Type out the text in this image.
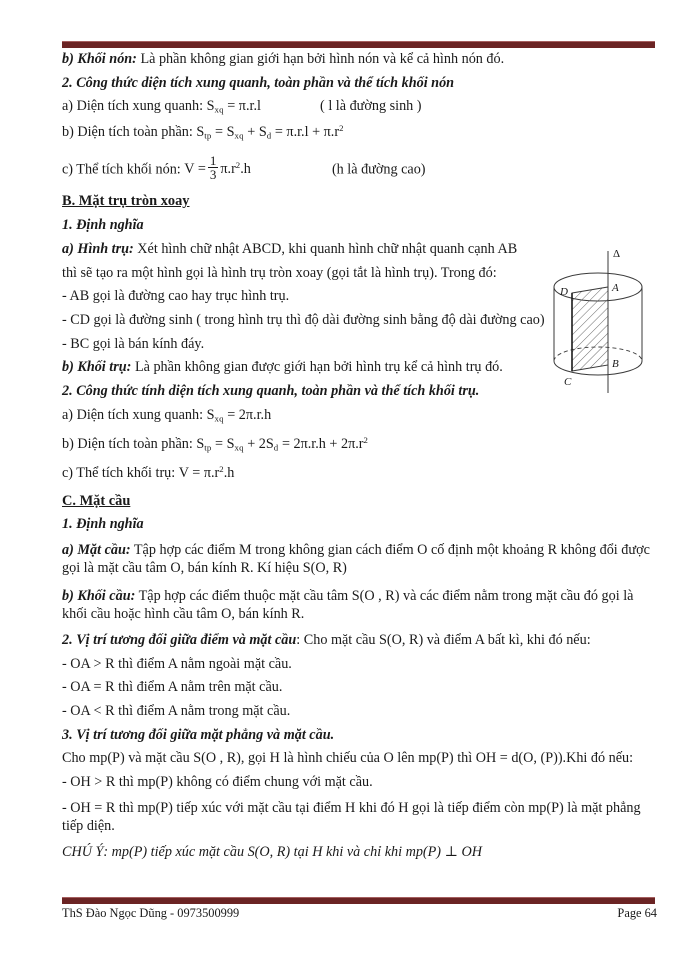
b) Khối nón: Là phần không gian giới hạn bởi hình nón và kể cả hình nón đó.

2. Công thức diện tích xung quanh, toàn phần và thể tích khối nón

a) Diện tích xung quanh: $S_{xq} = \pi.r.l$	( l là đường sinh )

b) Diện tích toàn phần: $S_{tp} = S_{xq} + S_d = \pi.r.l + \pi.r^2$

c) Thể tích khối nón: $V = \frac{1}{3} \pi.r^2.h$	(h là đường cao)

B. Mặt trụ tròn xoay

1. Định nghĩa

a) Hình trụ: Xét hình chữ nhật ABCD, khi quanh hình chữ nhật quanh cạnh AB

thì sẽ tạo ra một hình gọi là hình trụ tròn xoay (gọi tắt là hình trụ). Trong đó:

- AB gọi là đường cao hay trục hình trụ.

- CD gọi là đường sinh ( trong hình trụ thì độ dài đường sinh bằng độ dài đường cao)

- BC gọi là bán kính đáy.

b) Khối trụ: Là phần không gian được giới hạn bởi hình trụ kể cả hình trụ đó.

2. Công thức tính diện tích xung quanh, toàn phần và thể tích khối trụ.

a) Diện tích xung quanh: $S_{xq} = 2\pi.r.h$

b) Diện tích toàn phần: $S_{tp} = S_{xq} + 2S_d = 2\pi.r.h + 2\pi.r^2$

c) Thể tích khối trụ: $V = \pi.r^2.h$

C. Mặt cầu

1. Định nghĩa

a) Mặt cầu: Tập hợp các điểm M trong không gian cách điểm O cố định một khoảng R không đổi được gọi là mặt cầu tâm O, bán kính R. Kí hiệu S(O, R)

b) Khối cầu: Tập hợp các điểm thuộc mặt cầu tâm S(O , R) và các điểm nằm trong mặt cầu đó gọi là khối cầu hoặc hình cầu tâm O, bán kính R.

2. Vị trí tương đối giữa điểm và mặt cầu: Cho mặt cầu S(O, R) và điểm A bất kì, khi đó nếu:

- OA > R thì điểm A nằm ngoài mặt cầu.

- OA = R thì điểm A nằm trên mặt cầu.

- OA < R thì điểm A nằm trong mặt cầu.

3. Vị trí tương đối giữa mặt phẳng và mặt cầu.

Cho mp(P) và mặt cầu S(O , R), gọi H là hình chiếu của O lên mp(P) thì OH = d(O, (P)).Khi đó nếu:

- OH > R thì mp(P) không có điểm chung với mặt cầu.

- OH = R thì mp(P) tiếp xúc với mặt cầu tại điểm H khi đó H gọi là tiếp điểm còn mp(P) là mặt phẳng tiếp diện.

CHÚ Ý: mp(P) tiếp xúc mặt cầu S(O, R) tại H khi và chỉ khi mp(P) ⊥ OH

Δ
D	A
B
C
ThS Đào Ngọc Dũng - 0973500999	Page 64
